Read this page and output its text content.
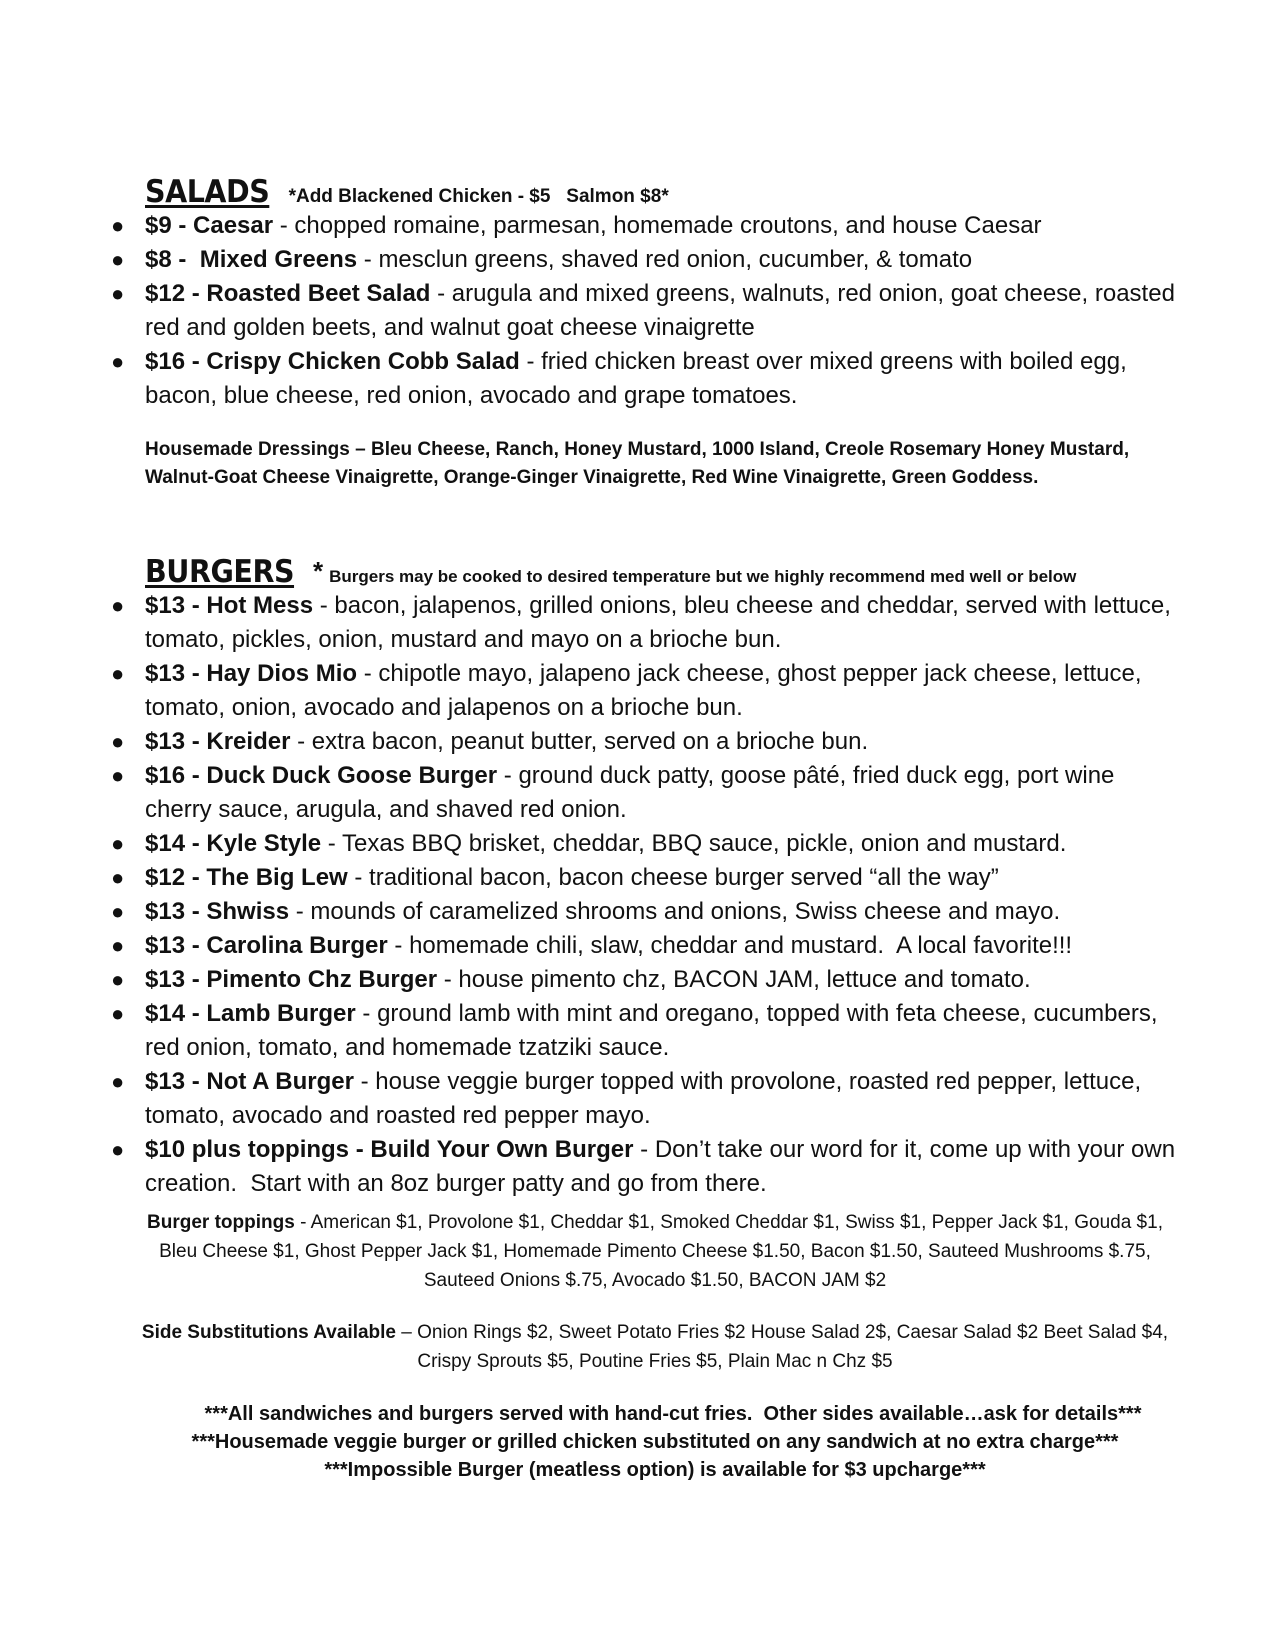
SALADS *Add Blackened Chicken - $5   Salmon $8*
● $9 - Caesar - chopped romaine, parmesan, homemade croutons, and house Caesar
● $8 -  Mixed Greens - mesclun greens, shaved red onion, cucumber, & tomato
● $12 - Roasted Beet Salad - arugula and mixed greens, walnuts, red onion, goat cheese, roasted red and golden beets, and walnut goat cheese vinaigrette
● $16 - Crispy Chicken Cobb Salad - fried chicken breast over mixed greens with boiled egg, bacon, blue cheese, red onion, avocado and grape tomatoes.
Housemade Dressings – Bleu Cheese, Ranch, Honey Mustard, 1000 Island, Creole Rosemary Honey Mustard, Walnut-Goat Cheese Vinaigrette, Orange-Ginger Vinaigrette, Red Wine Vinaigrette, Green Goddess.
BURGERS * Burgers may be cooked to desired temperature but we highly recommend med well or below
● $13 - Hot Mess - bacon, jalapenos, grilled onions, bleu cheese and cheddar, served with lettuce, tomato, pickles, onion, mustard and mayo on a brioche bun.
● $13 - Hay Dios Mio - chipotle mayo, jalapeno jack cheese, ghost pepper jack cheese, lettuce, tomato, onion, avocado and jalapenos on a brioche bun.
● $13 - Kreider - extra bacon, peanut butter, served on a brioche bun.
● $16 - Duck Duck Goose Burger - ground duck patty, goose pâté, fried duck egg, port wine cherry sauce, arugula, and shaved red onion.
● $14 - Kyle Style - Texas BBQ brisket, cheddar, BBQ sauce, pickle, onion and mustard.
● $12 - The Big Lew - traditional bacon, bacon cheese burger served “all the way”
● $13 - Shwiss - mounds of caramelized shrooms and onions, Swiss cheese and mayo.
● $13 - Carolina Burger - homemade chili, slaw, cheddar and mustard.  A local favorite!!!
● $13 - Pimento Chz Burger - house pimento chz, BACON JAM, lettuce and tomato.
● $14 - Lamb Burger - ground lamb with mint and oregano, topped with feta cheese, cucumbers, red onion, tomato, and homemade tzatziki sauce.
● $13 - Not A Burger - house veggie burger topped with provolone, roasted red pepper, lettuce, tomato, avocado and roasted red pepper mayo.
● $10 plus toppings - Build Your Own Burger - Don’t take our word for it, come up with your own creation.  Start with an 8oz burger patty and go from there.
Burger toppings - American $1, Provolone $1, Cheddar $1, Smoked Cheddar $1, Swiss $1, Pepper Jack $1, Gouda $1, Bleu Cheese $1, Ghost Pepper Jack $1, Homemade Pimento Cheese $1.50, Bacon $1.50, Sauteed Mushrooms $.75, Sauteed Onions $.75, Avocado $1.50, BACON JAM $2
Side Substitutions Available – Onion Rings $2, Sweet Potato Fries $2 House Salad 2$, Caesar Salad $2 Beet Salad $4, Crispy Sprouts $5, Poutine Fries $5, Plain Mac n Chz $5
***All sandwiches and burgers served with hand-cut fries.  Other sides available…ask for details***
***Housemade veggie burger or grilled chicken substituted on any sandwich at no extra charge***
***Impossible Burger (meatless option) is available for $3 upcharge***
